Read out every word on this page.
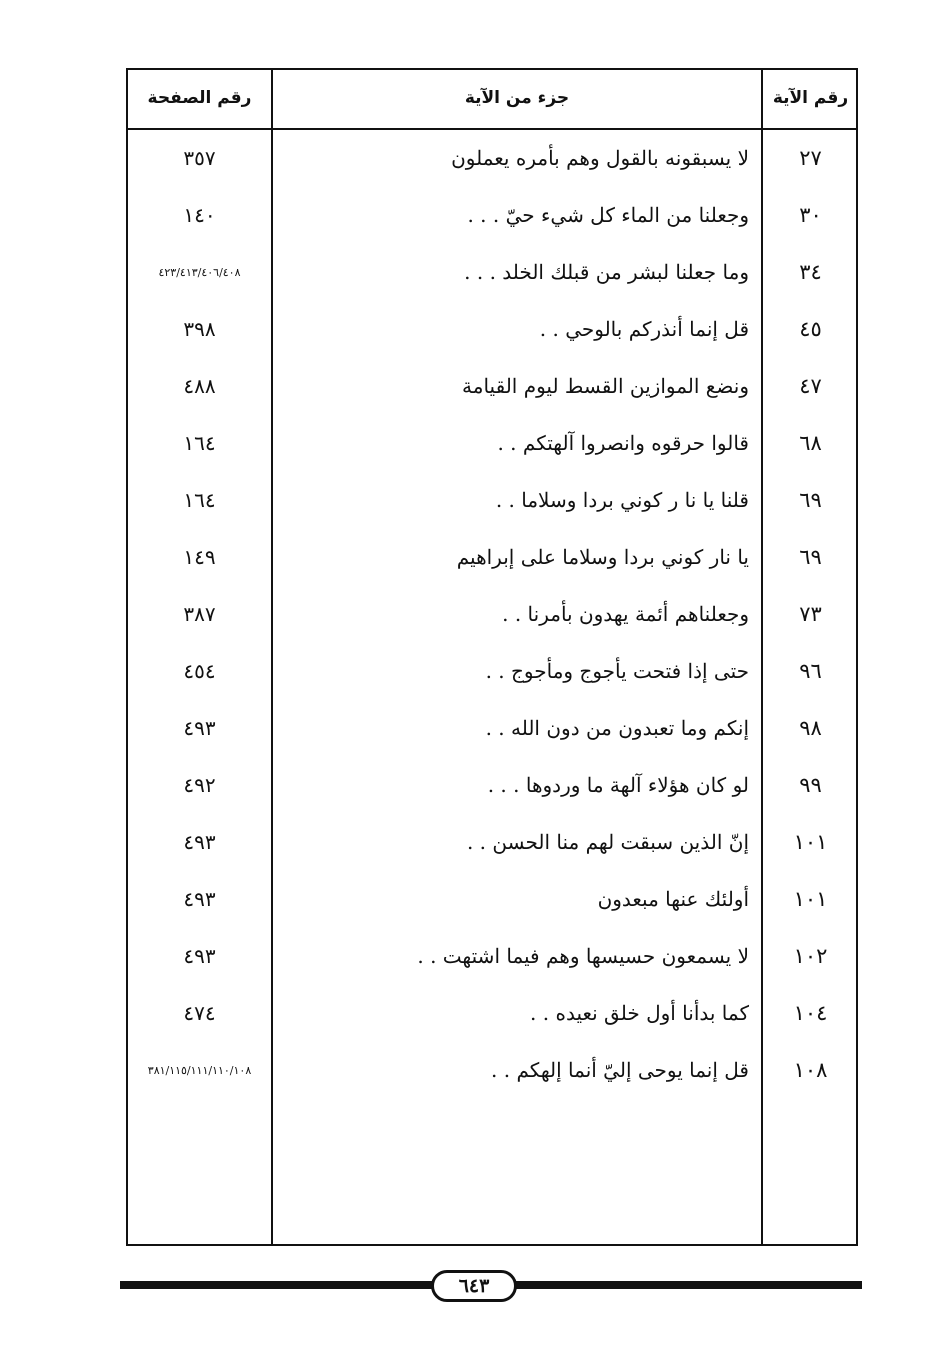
رقم الآية
جزء من الآية
رقم الصفحة
٢٧
لا يسبقونه بالقول وهم بأمره يعملون
٣٥٧
٣٠
وجعلنا من الماء كل شيء حيّ . . .
١٤٠
٣٤
وما جعلنا لبشر من قبلك الخلد . . .
٤٢٣/٤١٣/٤٠٦/٤٠٨
٤٥
قل إنما أنذركم بالوحي . .
٣٩٨
٤٧
ونضع الموازين القسط ليوم القيامة
٤٨٨
٦٨
قالوا حرقوه وانصروا آلهتكم . .
١٦٤
٦٩
قلنا يا نا ر كوني بردا وسلاما . .
١٦٤
٦٩
يا نار كوني بردا وسلاما على إبراهيم
١٤٩
٧٣
وجعلناهم أئمة يهدون بأمرنا . .
٣٨٧
٩٦
حتى إذا فتحت يأجوج ومأجوج . .
٤٥٤
٩٨
إنكم وما تعبدون من دون الله . .
٤٩٣
٩٩
لو كان هؤلاء آلهة ما وردوها . . .
٤٩٢
١٠١
إنّ الذين سبقت لهم منا الحسن . .
٤٩٣
١٠١
أولئك عنها مبعدون
٤٩٣
١٠٢
لا يسمعون حسيسها وهم فيما اشتهت . .
٤٩٣
١٠٤
كما بدأنا أول خلق نعيده . .
٤٧٤
١٠٨
قل إنما يوحى إليّ أنما إلهكم . .
٣٨١/١١٥/١١١/١١٠/١٠٨
٦٤٣
